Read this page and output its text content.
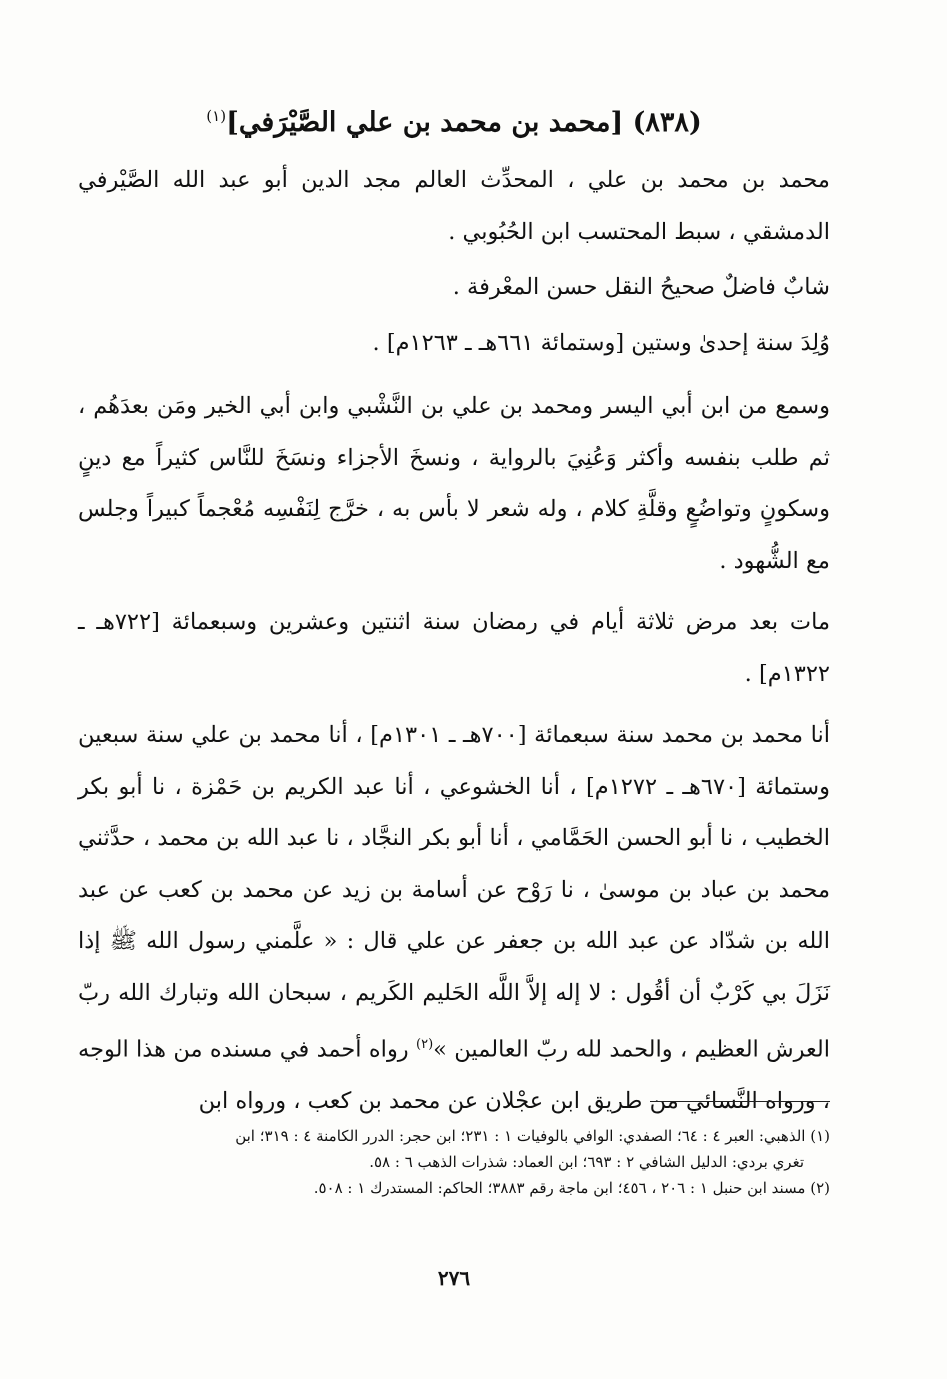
(٨٣٨) [محمد بن محمد بن علي الصَّيْرَفي]$^{(١)}$

محمد بن محمد بن علي ، المحدِّث العالم مجد الدين أبو عبد الله الصَّيْرفي الدمشقي ، سبط المحتسب ابن الحُبُوبي .

شابٌ فاضلٌ صحيحُ النقل حسن المعْرفة .

وُلِدَ سنة إحدىٰ وستين [وستمائة ٦٦١هـ ـ ١٢٦٣م] .

وسمع من ابن أبي اليسر ومحمد بن علي بن النَّشْبي وابن أبي الخير ومَن بعدَهُم ، ثم طلب بنفسه وأكثر وَعُنِيَ بالرواية ، ونسخَ الأجزاء ونسَخَ للنَّاس كثيراً مع دينٍ وسكونٍ وتواضُعٍ وقلَّةِ كلام ، وله شعر لا بأس به ، خرَّج لِنَفْسِه مُعْجماً كبيراً وجلس مع الشُّهود .

مات بعد مرض ثلاثة أيام في رمضان سنة اثنتين وعشرين وسبعمائة [٧٢٢هـ ـ ١٣٢٢م] .

أنا محمد بن محمد سنة سبعمائة [٧٠٠هـ ـ ١٣٠١م] ، أنا محمد بن علي سنة سبعين وستمائة [٦٧٠هـ ـ ١٢٧٢م] ، أنا الخشوعي ، أنا عبد الكريم بن حَمْزة ، نا أبو بكر الخطيب ، نا أبو الحسن الحَمَّامي ، أنا أبو بكر النجَّاد ، نا عبد الله بن محمد ، حدَّثني محمد بن عباد بن موسىٰ ، نا رَوْح عن أسامة بن زيد عن محمد بن كعب عن عبد الله بن شدّاد عن عبد الله بن جعفر عن علي قال : « علَّمني رسول الله ﷺ إذا نَزَلَ بي كَرْبٌ أن أقُول : لا إله إلاَّ اللَّه الحَليم الكَريم ، سبحان الله وتبارك الله ربّ العرش العظيم ، والحمد لله ربّ العالمين »$^{(٢)}$ رواه أحمد في مسنده من هذا الوجه ، ورواه النَّسائي من طريق ابن عجْلان عن محمد بن كعب ، ورواه ابن

(١) الذهبي: العبر ٤ : ٦٤؛ الصفدي: الوافي بالوفيات ١ : ٢٣١؛ ابن حجر: الدرر الكامنة ٤ : ٣١٩؛ ابن

تغري بردي: الدليل الشافي ٢ : ٦٩٣؛ ابن العماد: شذرات الذهب ٦ : ٥٨.

(٢) مسند ابن حنبل ١ : ٢٠٦ ، ٤٥٦؛ ابن ماجة رقم ٣٨٨٣؛ الحاكم: المستدرك ١ : ٥٠٨.

٢٧٦
